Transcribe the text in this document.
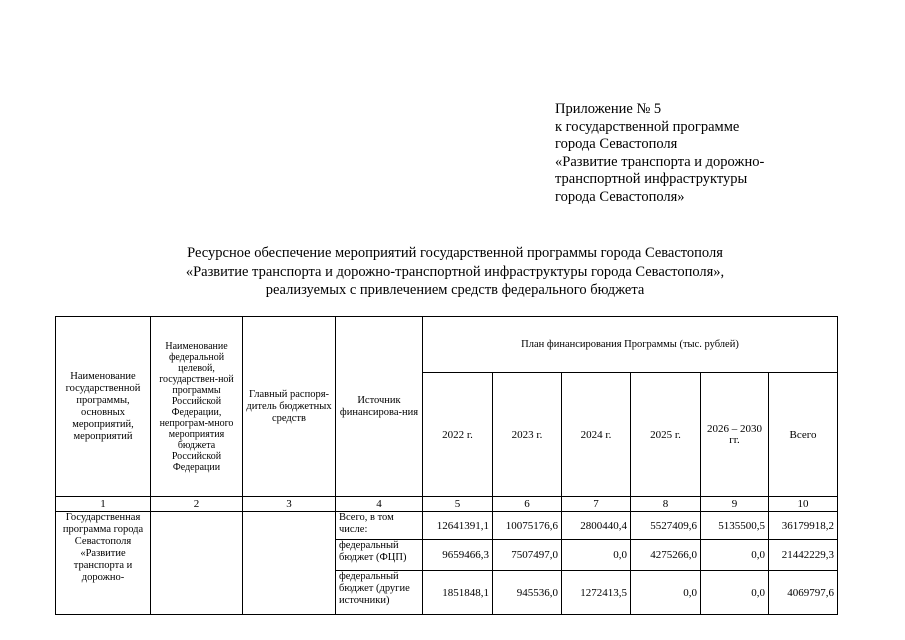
Приложение № 5
к государственной программе
города Севастополя
«Развитие транспорта и дорожно-
транспортной инфраструктуры
города Севастополя»
Ресурсное обеспечение мероприятий государственной программы города Севастополя
«Развитие транспорта и дорожно-транспортной инфраструктуры города Севастополя»,
реализуемых с привлечением средств федерального бюджета
Наименование государственной программы, основных мероприятий, мероприятий	Наименование федеральной целевой, государствен-ной программы Российской Федерации, непрограм-много мероприятия бюджета Российской Федерации	Главный распоря-дитель бюджетных средств	Источник финансирова-ния	План финансирования Программы (тыс. рублей)					
				2022 г.	2023 г.	2024 г.	2025 г.	2026 – 2030 гг.	Всего
1	2	3	4	5	6	7	8	9	10
Государственная программа города Севастополя «Развитие транспорта и дорожно-			Всего, в том числе:	12641391,1	10075176,6	2800440,4	5527409,6	5135500,5	36179918,2
			федеральный бюджет (ФЦП)	9659466,3	7507497,0	0,0	4275266,0	0,0	21442229,3
			федеральный бюджет (другие источники)	1851848,1	945536,0	1272413,5	0,0	0,0	4069797,6
